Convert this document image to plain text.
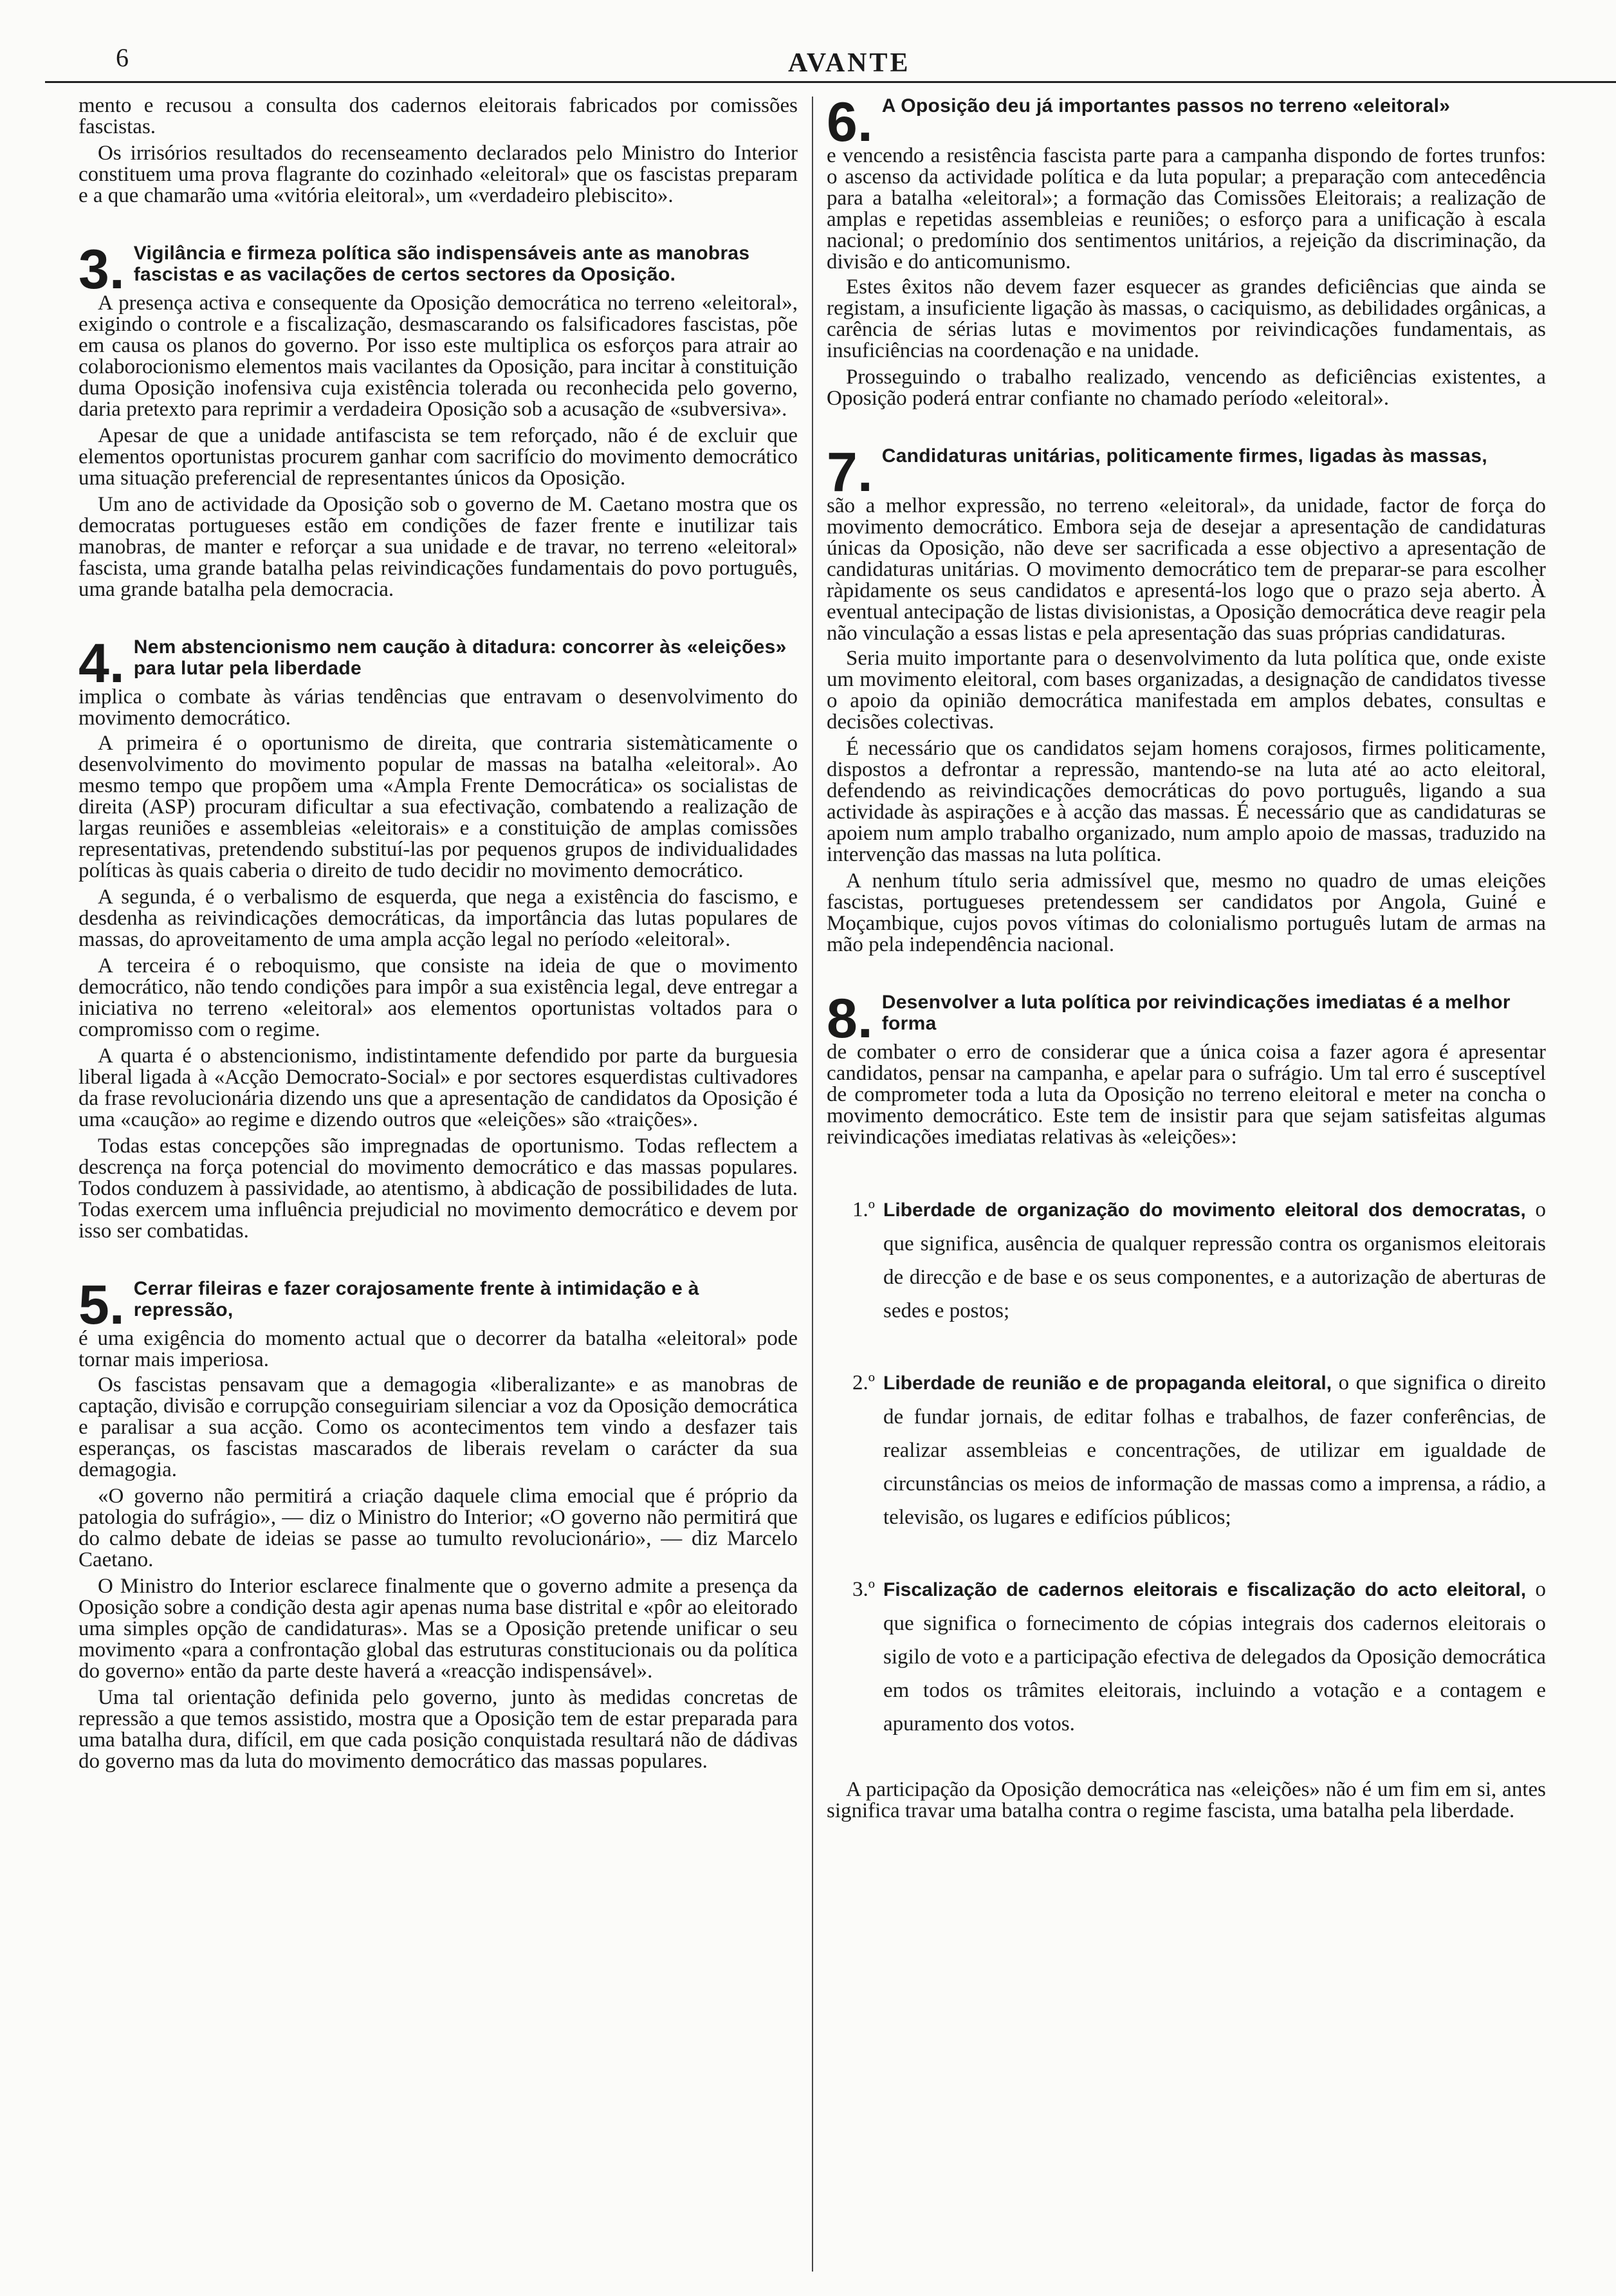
6	AVANTE

mento e recusou a consulta dos cadernos eleitorais fabricados por comissões fascistas.

Os irrisórios resultados do recenseamento declarados pelo Ministro do Interior constituem uma prova flagrante do cozinhado «eleitoral» que os fascistas preparam e a que chamarão uma «vitória eleitoral», um «verdadeiro plebiscito».

3. Vigilância e firmeza política são indispensáveis ante as manobras fascistas e as vacilações de certos sectores da Oposição.

A presença activa e consequente da Oposição democrática no terreno «eleitoral», exigindo o controle e a fiscalização, desmascarando os falsificadores fascistas, põe em causa os planos do governo. Por isso este multiplica os esforços para atrair ao colaborocionismo elementos mais vacilantes da Oposição, para incitar à constituição duma Oposição inofensiva cuja existência tolerada ou reconhecida pelo governo, daria pretexto para reprimir a verdadeira Oposição sob a acusação de «subversiva».

Apesar de que a unidade antifascista se tem reforçado, não é de excluir que elementos oportunistas procurem ganhar com sacrifício do movimento democrático uma situação preferencial de representantes únicos da Oposição.

Um ano de actividade da Oposição sob o governo de M. Caetano mostra que os democratas portugueses estão em condições de fazer frente e inutilizar tais manobras, de manter e reforçar a sua unidade e de travar, no terreno «eleitoral» fascista, uma grande batalha pelas reivindicações fundamentais do povo português, uma grande batalha pela democracia.

4. Nem abstencionismo nem caução à ditadura: concorrer às «eleições» para lutar pela liberdade
implica o combate às várias tendências que entravam o desenvolvimento do movimento democrático.

A primeira é o oportunismo de direita, que contraria sistemàticamente o desenvolvimento do movimento popular de massas na batalha «eleitoral». Ao mesmo tempo que propõem uma «Ampla Frente Democrática» os socialistas de direita (ASP) procuram dificultar a sua efectivação, combatendo a realização de largas reuniões e assembleias «eleitorais» e a constituição de amplas comissões representativas, pretendendo substituí-las por pequenos grupos de individualidades políticas às quais caberia o direito de tudo decidir no movimento democrático.

A segunda, é o verbalismo de esquerda, que nega a existência do fascismo, e desdenha as reivindicações democráticas, da importância das lutas populares de massas, do aproveitamento de uma ampla acção legal no período «eleitoral».

A terceira é o reboquismo, que consiste na ideia de que o movimento democrático, não tendo condições para impôr a sua existência legal, deve entregar a iniciativa no terreno «eleitoral» aos elementos oportunistas voltados para o compromisso com o regime.

A quarta é o abstencionismo, indistintamente defendido por parte da burguesia liberal ligada à «Acção Democrato-Social» e por sectores esquerdistas cultivadores da frase revolucionária dizendo uns que a apresentação de candidatos da Oposição é uma «caução» ao regime e dizendo outros que «eleições» são «traições».

Todas estas concepções são impregnadas de oportunismo. Todas reflectem a descrença na força potencial do movimento democrático e das massas populares. Todos conduzem à passividade, ao atentismo, à abdicação de possibilidades de luta. Todas exercem uma influência prejudicial no movimento democrático e devem por isso ser combatidas.

5. Cerrar fileiras e fazer corajosamente frente à intimidação e à repressão,
é uma exigência do momento actual que o decorrer da batalha «eleitoral» pode tornar mais imperiosa.

Os fascistas pensavam que a demagogia «liberalizante» e as manobras de captação, divisão e corrupção conseguiriam silenciar a voz da Oposição democrática e paralisar a sua acção. Como os acontecimentos tem vindo a desfazer tais esperanças, os fascistas mascarados de liberais revelam o carácter da sua demagogia.

«O governo não permitirá a criação daquele clima emocial que é próprio da patologia do sufrágio», — diz o Ministro do Interior; «O governo não permitirá que do calmo debate de ideias se passe ao tumulto revolucionário», — diz Marcelo Caetano.

O Ministro do Interior esclarece finalmente que o governo admite a presença da Oposição sobre a condição desta agir apenas numa base distrital e «pôr ao eleitorado uma simples opção de candidaturas». Mas se a Oposição pretende unificar o seu movimento «para a confrontação global das estruturas constitucionais ou da política do governo» então da parte deste haverá a «reacção indispensável».

Uma tal orientação definida pelo governo, junto às medidas concretas de repressão a que temos assistido, mostra que a Oposição tem de estar preparada para uma batalha dura, difícil, em que cada posição conquistada resultará não de dádivas do governo mas da luta do movimento democrático das massas populares.

6. A Oposição deu já importantes passos no terreno «eleitoral»
e vencendo a resistência fascista parte para a campanha dispondo de fortes trunfos: o ascenso da actividade política e da luta popular; a preparação com antecedência para a batalha «eleitoral»; a formação das Comissões Eleitorais; a realização de amplas e repetidas assembleias e reuniões; o esforço para a unificação à escala nacional; o predomínio dos sentimentos unitários, a rejeição da discriminação, da divisão e do anticomunismo.

Estes êxitos não devem fazer esquecer as grandes deficiências que ainda se registam, a insuficiente ligação às massas, o caciquismo, as debilidades orgânicas, a carência de sérias lutas e movimentos por reivindicações fundamentais, as insuficiências na coordenação e na unidade.

Prosseguindo o trabalho realizado, vencendo as deficiências existentes, a Oposição poderá entrar confiante no chamado período «eleitoral».

7. Candidaturas unitárias, politicamente firmes, ligadas às massas,
são a melhor expressão, no terreno «eleitoral», da unidade, factor de força do movimento democrático. Embora seja de desejar a apresentação de candidaturas únicas da Oposição, não deve ser sacrificada a esse objectivo a apresentação de candidaturas unitárias. O movimento democrático tem de preparar-se para escolher ràpidamente os seus candidatos e apresentá-los logo que o prazo seja aberto. À eventual antecipação de listas divisionistas, a Oposição democrática deve reagir pela não vinculação a essas listas e pela apresentação das suas próprias candidaturas.

Seria muito importante para o desenvolvimento da luta política que, onde existe um movimento eleitoral, com bases organizadas, a designação de candidatos tivesse o apoio da opinião democrática manifestada em amplos debates, consultas e decisões colectivas.

É necessário que os candidatos sejam homens corajosos, firmes politicamente, dispostos a defrontar a repressão, mantendo-se na luta até ao acto eleitoral, defendendo as reivindicações democráticas do povo português, ligando a sua actividade às aspirações e à acção das massas. É necessário que as candidaturas se apoiem num amplo trabalho organizado, num amplo apoio de massas, traduzido na intervenção das massas na luta política.

A nenhum título seria admissível que, mesmo no quadro de umas eleições fascistas, portugueses pretendessem ser candidatos por Angola, Guiné e Moçambique, cujos povos vítimas do colonialismo português lutam de armas na mão pela independência nacional.

8. Desenvolver a luta política por reivindicações imediatas é a melhor forma
de combater o erro de considerar que a única coisa a fazer agora é apresentar candidatos, pensar na campanha, e apelar para o sufrágio. Um tal erro é susceptível de comprometer toda a luta da Oposição no terreno eleitoral e meter na concha o movimento democrático. Este tem de insistir para que sejam satisfeitas algumas reivindicações imediatas relativas às «eleições»:
1.º Liberdade de organização do movimento eleitoral dos democratas, o que significa, ausência de qualquer repressão contra os organismos eleitorais de direcção e de base e os seus componentes, e a autorização de aberturas de sedes e postos;
2.º Liberdade de reunião e de propaganda eleitoral, o que significa o direito de fundar jornais, de editar folhas e trabalhos, de fazer conferências, de realizar assembleias e concentrações, de utilizar em igualdade de circunstâncias os meios de informação de massas como a imprensa, a rádio, a televisão, os lugares e edifícios públicos;
3.º Fiscalização de cadernos eleitorais e fiscalização do acto eleitoral, o que significa o fornecimento de cópias integrais dos cadernos eleitorais o sigilo de voto e a participação efectiva de delegados da Oposição democrática em todos os trâmites eleitorais, incluindo a votação e a contagem e apuramento dos votos.

A participação da Oposição democrática nas «eleições» não é um fim em si, antes significa travar uma batalha contra o regime fascista, uma batalha pela liberdade.
